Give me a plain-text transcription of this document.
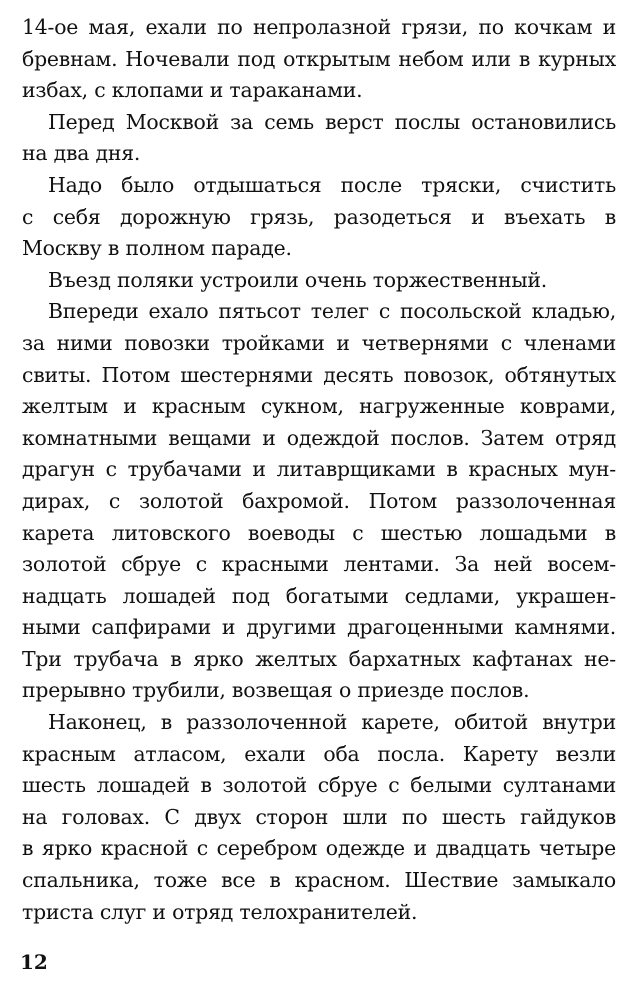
14-ое мая, ехали по непролазной грязи, по кочкам и
бревнам. Ночевали под открытым небом или в курных
избах, с клопами и тараканами.
Перед Москвой за семь верст послы остановились
на два дня.
Надо было отдышаться после тряски, счистить
с себя дорожную грязь, разодеться и въехать в
Москву в полном параде.
Въезд поляки устроили очень торжественный.
Впереди ехало пятьсот телег с посольской кладью,
за ними повозки тройками и четвернями с членами
свиты. Потом шестернями десять повозок, обтянутых
желтым и красным сукном, нагруженные коврами,
комнатными вещами и одеждой послов. Затем отряд
драгун с трубачами и литаврщиками в красных мун-
дирах, с золотой бахромой. Потом раззолоченная
карета литовского воеводы с шестью лошадьми в
золотой сбруе с красными лентами. За ней восем-
надцать лошадей под богатыми седлами, украшен-
ными сапфирами и другими драгоценными камнями.
Три трубача в ярко желтых бархатных кафтанах не-
прерывно трубили, возвещая о приезде послов.
Наконец, в раззолоченной карете, обитой внутри
красным атласом, ехали оба посла. Карету везли
шесть лошадей в золотой сбруе с белыми султанами
на головах. С двух сторон шли по шесть гайдуков
в ярко красной с серебром одежде и двадцать четыре
спальника, тоже все в красном. Шествие замыкало
триста слуг и отряд телохранителей.
12
